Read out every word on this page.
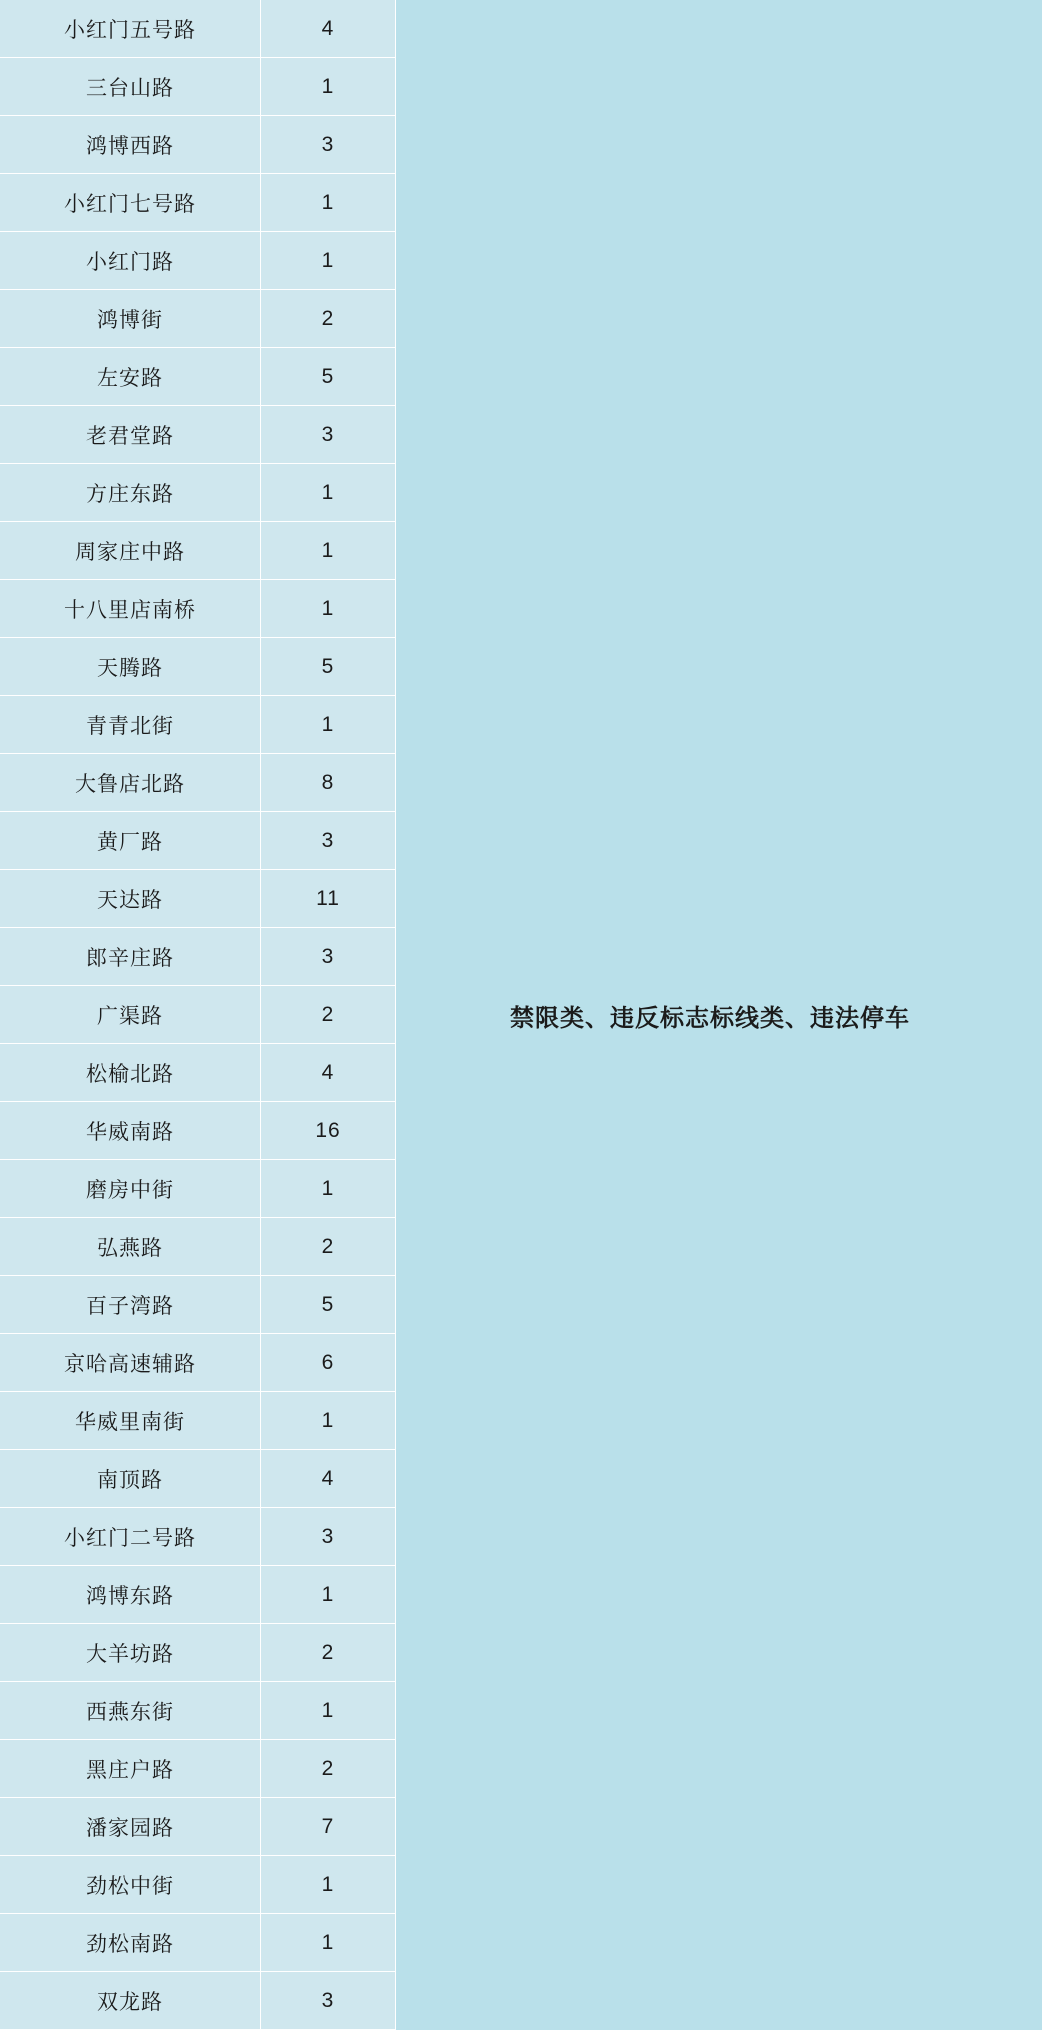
小红门五号路	4
三台山路	1
鸿博西路	3
小红门七号路	1
小红门路	1
鸿博街	2
左安路	5
老君堂路	3
方庄东路	1
周家庄中路	1
十八里店南桥	1
天腾路	5
青青北街	1
大鲁店北路	8
黄厂路	3
天达路	11
郎辛庄路	3
广渠路	2
松榆北路	4
华威南路	16
磨房中街	1
弘燕路	2
百子湾路	5
京哈高速辅路	6
华威里南街	1
南顶路	4
小红门二号路	3
鸿博东路	1
大羊坊路	2
西燕东街	1
黑庄户路	2
潘家园路	7
劲松中街	1
劲松南路	1
双龙路	3
禁限类、违反标志标线类、违法停车
